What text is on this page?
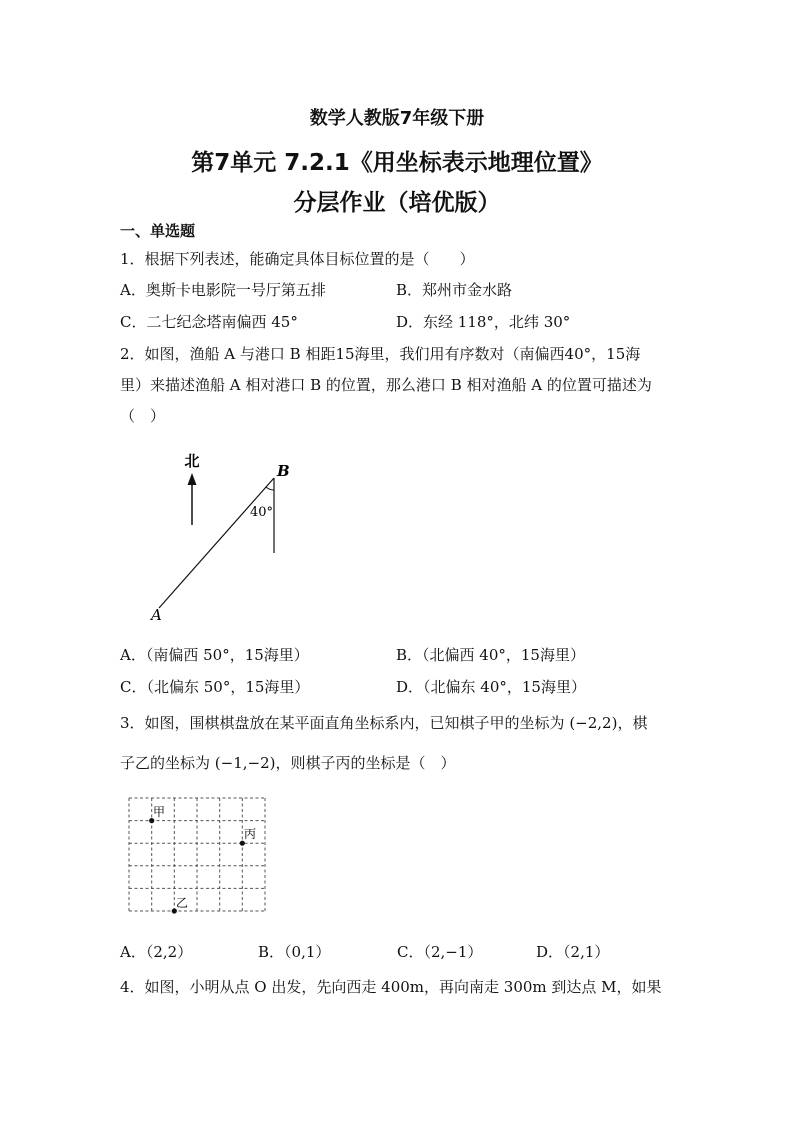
数学人教版7年级下册
第7单元 7.2.1《用坐标表示地理位置》
分层作业（培优版）
一、单选题
1．根据下列表述，能确定具体目标位置的是（　　）
A．奥斯卡电影院一号厅第五排	B．郑州市金水路
C．二七纪念塔南偏西 45°	D．东经 118°，北纬 30°
2．如图，渔船 A 与港口 B 相距15海里，我们用有序数对（南偏西40°，15海
里）来描述渔船 A 相对港口 B 的位置，那么港口 B 相对渔船 A 的位置可描述为
（　）
北
40°
B
A
A．（南偏西 50°，15海里）	B．（北偏西 40°，15海里）
C．（北偏东 50°，15海里）	D．（北偏东 40°，15海里）
3．如图，围棋棋盘放在某平面直角坐标系内，已知棋子甲的坐标为 (−2,2)，棋
子乙的坐标为 (−1,−2)，则棋子丙的坐标是（　）
甲
丙
乙
A．（2,2）	B．（0,1）	C．（2,−1）	D．（2,1）
4．如图，小明从点 O 出发，先向西走 400m，再向南走 300m 到达点 M，如果
